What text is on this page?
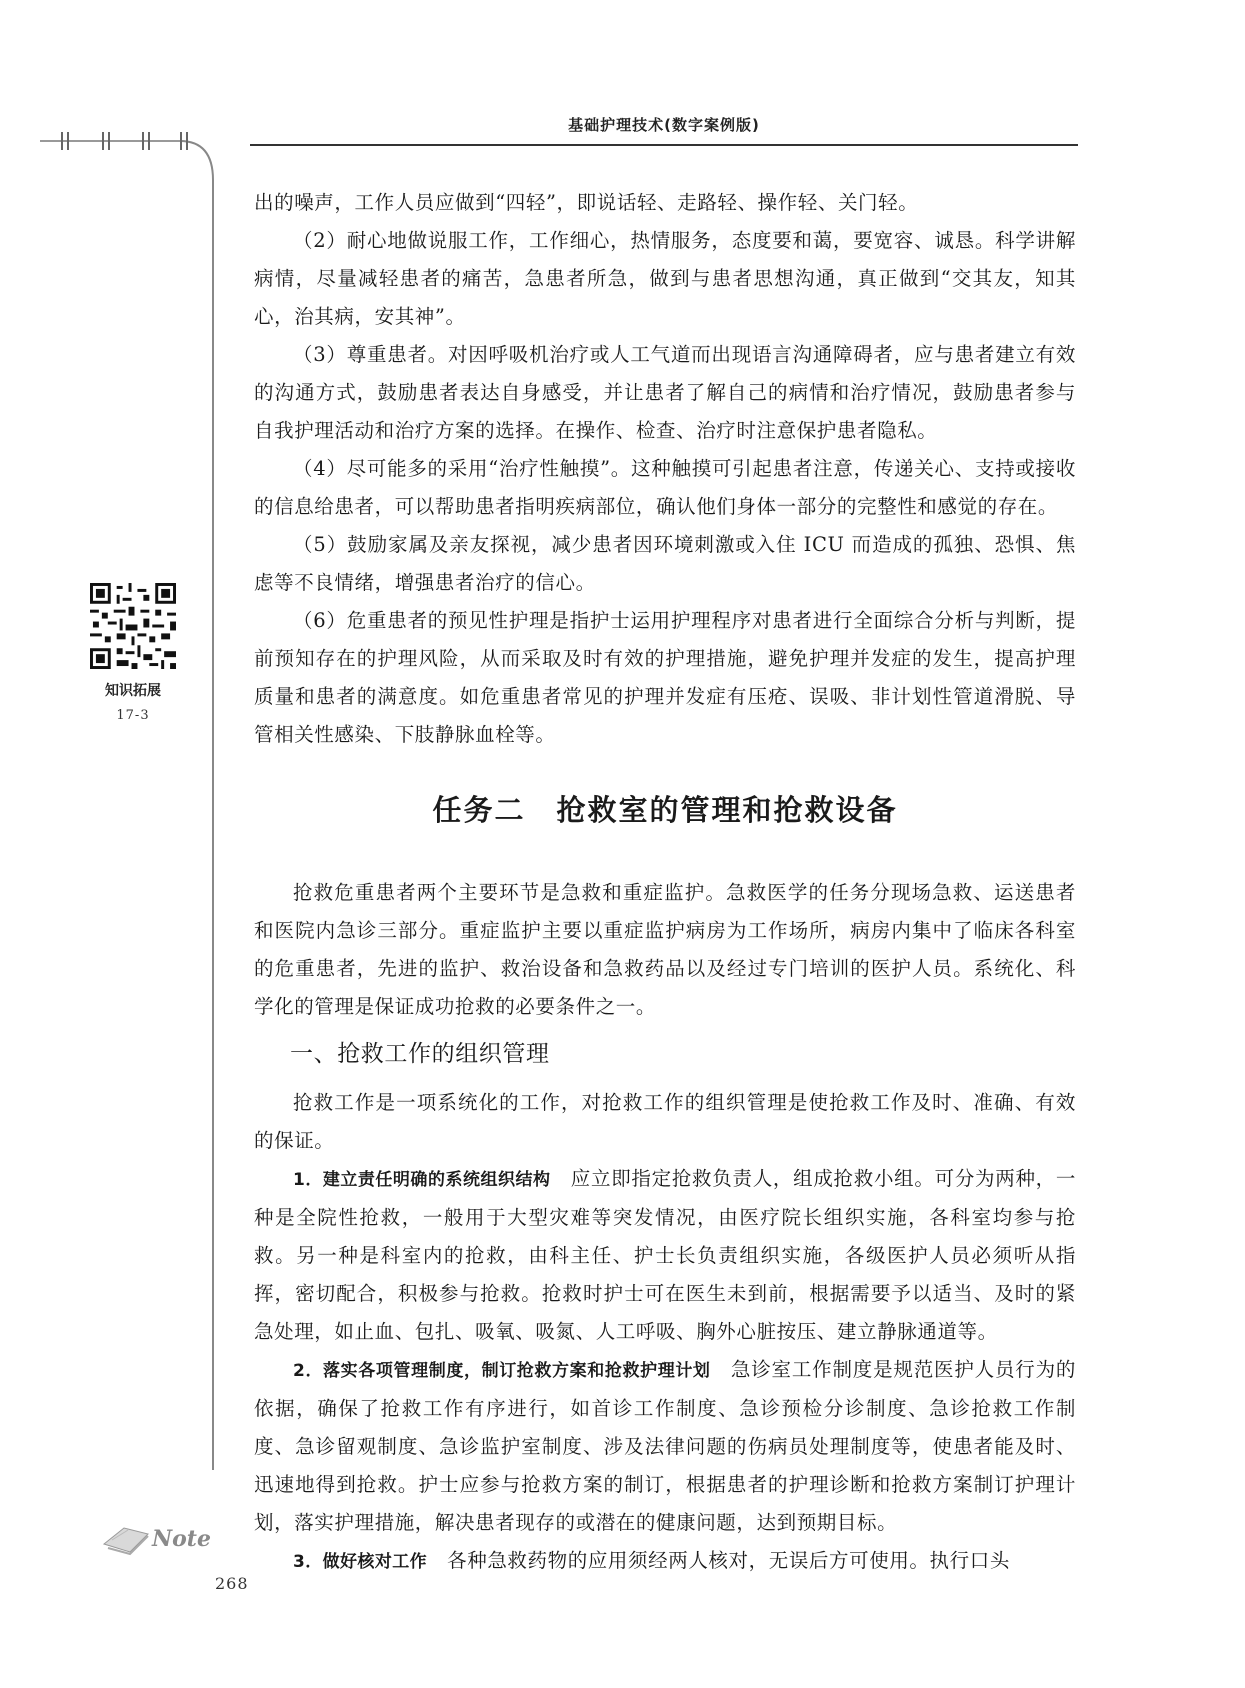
基础护理技术(数字案例版)

出的噪声，工作人员应做到“四轻”，即说话轻、走路轻、操作轻、关门轻。

（2）耐心地做说服工作，工作细心，热情服务，态度要和蔼，要宽容、诚恳。科学讲解病情，尽量减轻患者的痛苦，急患者所急，做到与患者思想沟通，真正做到“交其友，知其心，治其病，安其神”。

（3）尊重患者。对因呼吸机治疗或人工气道而出现语言沟通障碍者，应与患者建立有效的沟通方式，鼓励患者表达自身感受，并让患者了解自己的病情和治疗情况，鼓励患者参与自我护理活动和治疗方案的选择。在操作、检查、治疗时注意保护患者隐私。

（4）尽可能多的采用“治疗性触摸”。这种触摸可引起患者注意，传递关心、支持或接收的信息给患者，可以帮助患者指明疾病部位，确认他们身体一部分的完整性和感觉的存在。

（5）鼓励家属及亲友探视，减少患者因环境刺激或入住 ICU 而造成的孤独、恐惧、焦虑等不良情绪，增强患者治疗的信心。

（6）危重患者的预见性护理是指护士运用护理程序对患者进行全面综合分析与判断，提前预知存在的护理风险，从而采取及时有效的护理措施，避免护理并发症的发生，提高护理质量和患者的满意度。如危重患者常见的护理并发症有压疮、误吸、非计划性管道滑脱、导管相关性感染、下肢静脉血栓等。

知识拓展
17-3
任务二　抢救室的管理和抢救设备

抢救危重患者两个主要环节是急救和重症监护。急救医学的任务分现场急救、运送患者和医院内急诊三部分。重症监护主要以重症监护病房为工作场所，病房内集中了临床各科室的危重患者，先进的监护、救治设备和急救药品以及经过专门培训的医护人员。系统化、科学化的管理是保证成功抢救的必要条件之一。

一、抢救工作的组织管理

抢救工作是一项系统化的工作，对抢救工作的组织管理是使抢救工作及时、准确、有效的保证。

1．建立责任明确的系统组织结构　应立即指定抢救负责人，组成抢救小组。可分为两种，一种是全院性抢救，一般用于大型灾难等突发情况，由医疗院长组织实施，各科室均参与抢救。另一种是科室内的抢救，由科主任、护士长负责组织实施，各级医护人员必须听从指挥，密切配合，积极参与抢救。抢救时护士可在医生未到前，根据需要予以适当、及时的紧急处理，如止血、包扎、吸氧、吸氮、人工呼吸、胸外心脏按压、建立静脉通道等。

2．落实各项管理制度，制订抢救方案和抢救护理计划　急诊室工作制度是规范医护人员行为的依据，确保了抢救工作有序进行，如首诊工作制度、急诊预检分诊制度、急诊抢救工作制度、急诊留观制度、急诊监护室制度、涉及法律问题的伤病员处理制度等，使患者能及时、迅速地得到抢救。护士应参与抢救方案的制订，根据患者的护理诊断和抢救方案制订护理计划，落实护理措施，解决患者现存的或潜在的健康问题，达到预期目标。

3．做好核对工作　各种急救药物的应用须经两人核对，无误后方可使用。执行口头

Note
268
